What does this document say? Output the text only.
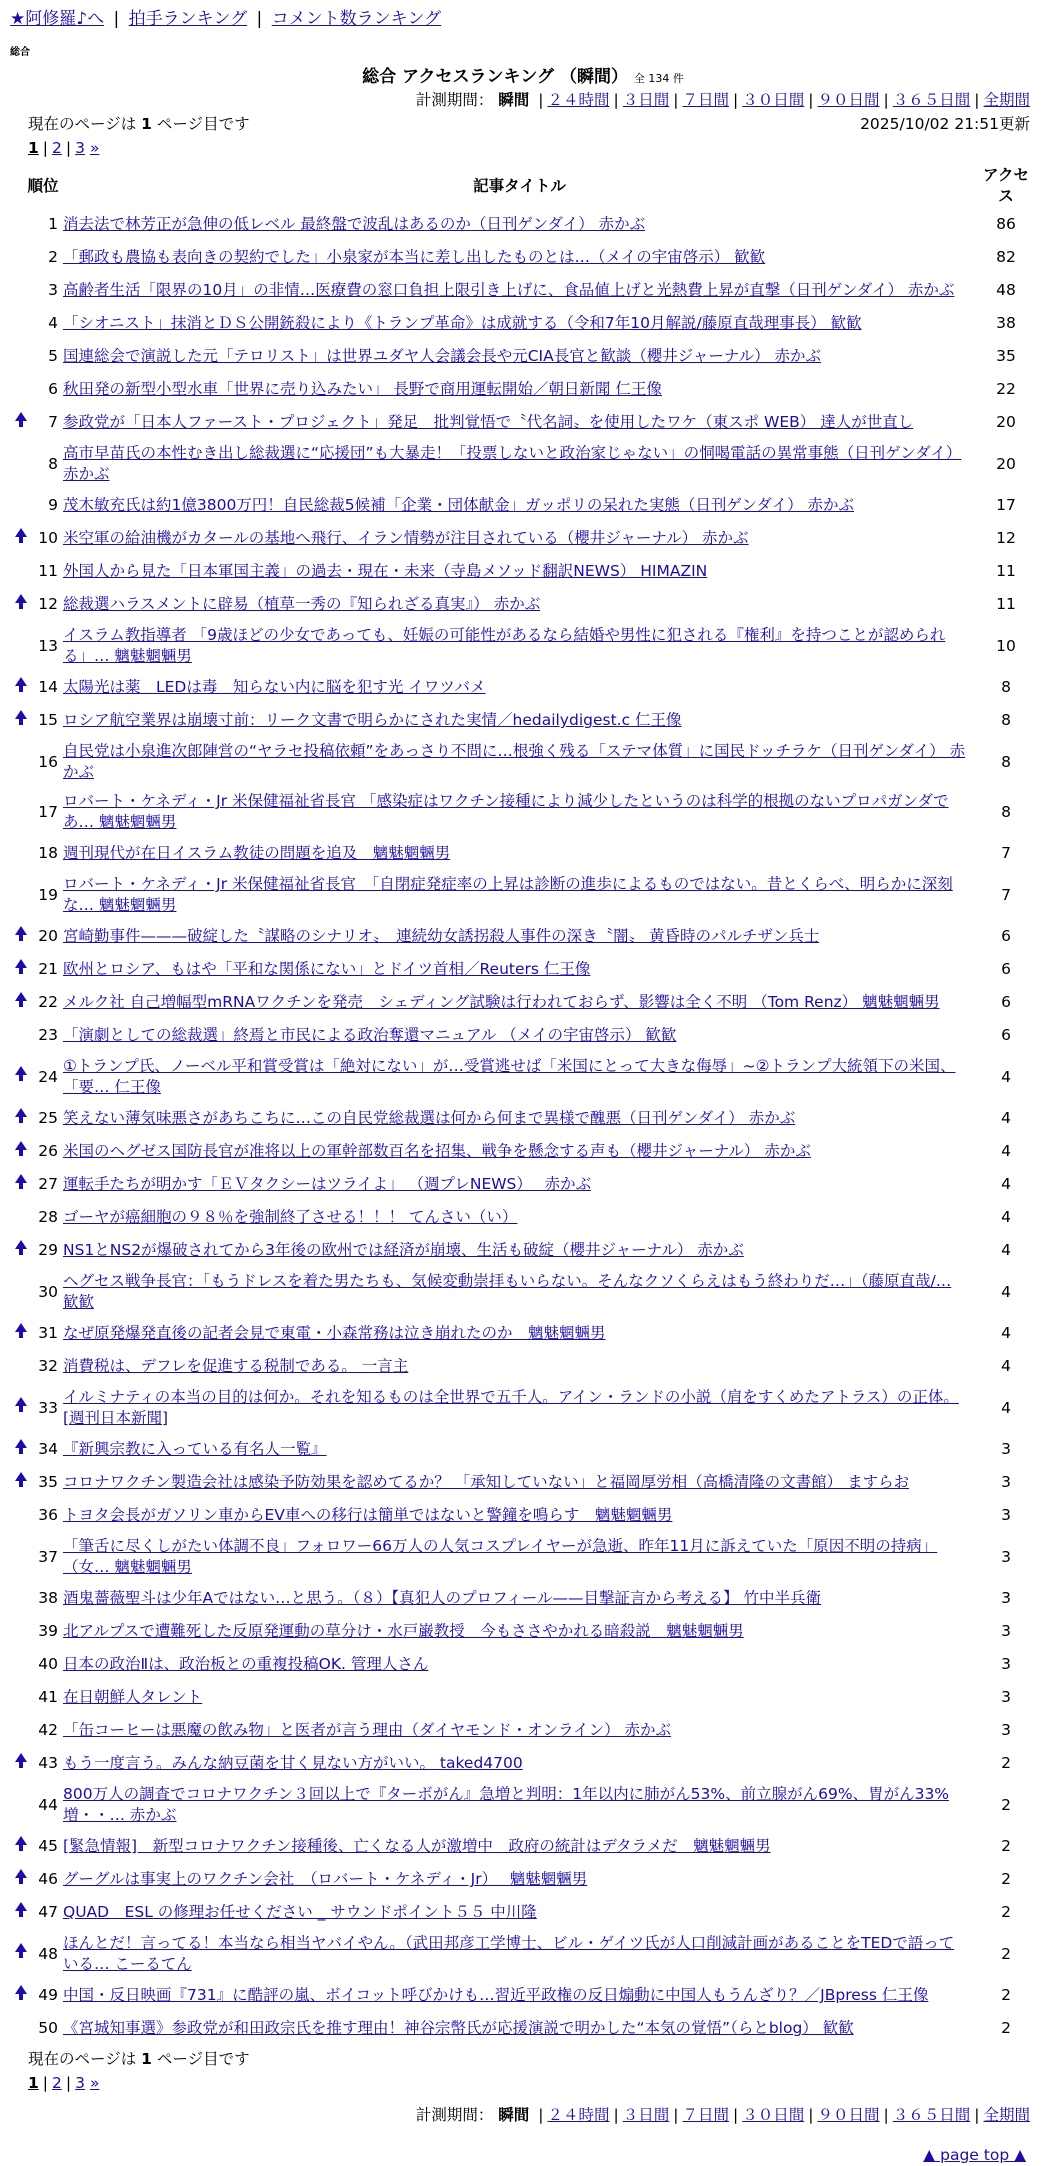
★阿修羅♪へ | 拍手ランキング | コメント数ランキング
総合
総合 アクセスランキング （瞬間） 全 134 件
計測期間： 瞬間 | ２４時間 | ３日間 | ７日間 | ３０日間 | ９０日間 | ３６５日間 | 全期間
現在のページは 1 ページ目です	2025/10/02 21:51更新
1 | 2 | 3 »
順位		記事タイトル	アクセス
	1	消去法で林芳正が急伸の低レベル 最終盤で波乱はあるのか（日刊ゲンダイ） 赤かぶ	86
	2	「郵政も農協も表向きの契約でした」小泉家が本当に差し出したものとは…（メイの宇宙啓示） 歓歓	82
	3	高齢者生活「限界の10月」の非情…医療費の窓口負担上限引き上げに、食品値上げと光熱費上昇が直撃（日刊ゲンダイ） 赤かぶ	48
	4	「シオニスト」抹消とＤＳ公開銃殺により《トランプ革命》は成就する（令和7年10月解説/藤原直哉理事長） 歓歓	38
	5	国連総会で演説した元「テロリスト」は世界ユダヤ人会議会長や元CIA長官と歓談（櫻井ジャーナル） 赤かぶ	35
	6	秋田発の新型小型水車「世界に売り込みたい」 長野で商用運転開始／朝日新聞 仁王像	22
	7	参政党が「日本人ファースト・プロジェクト」発足　批判覚悟で〝代名詞〟を使用したワケ（東スポ WEB） 達人が世直し	20
	8	高市早苗氏の本性むき出し総裁選に“応援団”も大暴走！「投票しないと政治家じゃない」の恫喝電話の異常事態（日刊ゲンダイ） 赤かぶ	20
	9	茂木敏充氏は約1億3800万円！自民総裁5候補「企業・団体献金」ガッポリの呆れた実態（日刊ゲンダイ） 赤かぶ	17
	10	米空軍の給油機がカタールの基地へ飛行、イラン情勢が注目されている（櫻井ジャーナル） 赤かぶ	12
	11	外国人から見た「日本軍国主義」の過去・現在・未来（寺島メソッド翻訳NEWS） HIMAZIN	11
	12	総裁選ハラスメントに辟易（植草一秀の『知られざる真実』） 赤かぶ	11
	13	イスラム教指導者 「9歳ほどの少女であっても、妊娠の可能性があるなら結婚や男性に犯される『権利』を持つことが認められる」… 魑魅魍魎男	10
	14	太陽光は薬　LEDは毒　知らない内に脳を犯す光 イワツバメ	8
	15	ロシア航空業界は崩壊寸前：リーク文書で明らかにされた実情／hedailydigest.c 仁王像	8
	16	自民党は小泉進次郎陣営の“ヤラセ投稿依頼”をあっさり不問に…根強く残る「ステマ体質」に国民ドッチラケ（日刊ゲンダイ） 赤かぶ	8
	17	ロバート・ケネディ・Jr 米保健福祉省長官 「感染症はワクチン接種により減少したというのは科学的根拠のないプロパガンダであ… 魑魅魍魎男	8
	18	週刊現代が在日イスラム教徒の問題を追及　魑魅魍魎男	7
	19	ロバート・ケネディ・Jr 米保健福祉省長官　「自閉症発症率の上昇は診断の進歩によるものではない。昔とくらべ、明らかに深刻な… 魑魅魍魎男	7
	20	宮崎勤事件———破綻した〝謀略のシナリオ〟　連続幼女誘拐殺人事件の深き〝闇〟 黄昏時のパルチザン兵士	6
	21	欧州とロシア、もはや「平和な関係にない」とドイツ首相／Reuters 仁王像	6
	22	メルク社 自己増幅型mRNAワクチンを発売　シェディング試験は行われておらず、影響は全く不明 （Tom Renz） 魑魅魍魎男	6
	23	「演劇としての総裁選」終焉と市民による政治奪還マニュアル （メイの宇宙啓示） 歓歓	6
	24	①トランプ氏、ノーベル平和賞受賞は「絶対にない」が…受賞逃せば「米国にとって大きな侮辱」~②トランプ大統領下の米国、「要… 仁王像	4
	25	笑えない薄気味悪さがあちこちに…この自民党総裁選は何から何まで異様で醜悪（日刊ゲンダイ） 赤かぶ	4
	26	米国のヘグゼス国防長官が准将以上の軍幹部数百名を招集、戦争を懸念する声も（櫻井ジャーナル） 赤かぶ	4
	27	運転手たちが明かす「ＥＶタクシーはツライよ」 （週プレNEWS）　 赤かぶ	4
	28	ゴーヤが癌細胞の９８％を強制終了させる！！！ てんさい（い）	4
	29	NS1とNS2が爆破されてから3年後の欧州では経済が崩壊、生活も破綻（櫻井ジャーナル） 赤かぶ	4
	30	ヘグセス戦争長官：「もうドレスを着た男たちも、気候変動崇拝もいらない。そんなクソくらえはもう終わりだ…」（藤原直哉/… 歓歓	4
	31	なぜ原発爆発直後の記者会見で東電・小森常務は泣き崩れたのか　魑魅魍魎男	4
	32	消費税は、デフレを促進する税制である。 一言主	4
	33	イルミナティの本当の目的は何か。それを知るものは全世界で五千人。アイン・ランドの小説（肩をすくめたアトラス）の正体。[週刊日本新聞]	4
	34	『新興宗教に入っている有名人一覧』	3
	35	コロナワクチン製造会社は感染予防効果を認めてるか？ 「承知していない」と福岡厚労相（高橋清隆の文書館） ますらお	3
	36	トヨタ会長がガソリン車からEV車への移行は簡単ではないと警鐘を鳴らす　魑魅魍魎男	3
	37	「筆舌に尽くしがたい体調不良」フォロワー66万人の人気コスプレイヤーが急逝、昨年11月に訴えていた「原因不明の持病」（女… 魑魅魍魎男	3
	38	酒鬼薔薇聖斗は少年Aではない…と思う。（８）【真犯人のプロフィール——目撃証言から考える】 竹中半兵衛	3
	39	北アルプスで遭難死した反原発運動の草分け・水戸巌教授　今もささやかれる暗殺説　魑魅魍魎男	3
	40	日本の政治Ⅱは、政治板との重複投稿OK. 管理人さん	3
	41	在日朝鮮人タレント	3
	42	「缶コーヒーは悪魔の飲み物」と医者が言う理由（ダイヤモンド・オンライン） 赤かぶ	3
	43	もう一度言う。みんな納豆菌を甘く見ない方がいい。 taked4700	2
	44	800万人の調査でコロナワクチン３回以上で『ターボがん』急増と判明：1年以内に肺がん53%、前立腺がん69%、胃がん33%増・・… 赤かぶ	2
	45	[緊急情報]　新型コロナワクチン接種後、亡くなる人が激増中　政府の統計はデタラメだ　魑魅魍魎男	2
	46	グーグルは事実上のワクチン会社　（ロバート・ケネディ・Jr）　 魑魅魍魎男	2
	47	QUAD　ESL の修理お任せください _ サウンドポイント５５ 中川隆	2
	48	ほんとだ！言ってる！本当なら相当ヤバイやん。（武田邦彦工学博士、ビル・ゲイツ氏が人口削減計画があることをTEDで語っている… こーるてん	2
	49	中国・反日映画『731』に酷評の嵐、ボイコット呼びかけも…習近平政権の反日煽動に中国人もうんざり？／JBpress 仁王像	2
	50	《宮城知事選》参政党が和田政宗氏を推す理由！神谷宗幣氏が応援演説で明かした“本気の覚悟”（らとblog） 歓歓	2
現在のページは 1 ページ目です
1 | 2 | 3 »
計測期間： 瞬間 | ２４時間 | ３日間 | ７日間 | ３０日間 | ９０日間 | ３６５日間 | 全期間
▲ page top ▲
